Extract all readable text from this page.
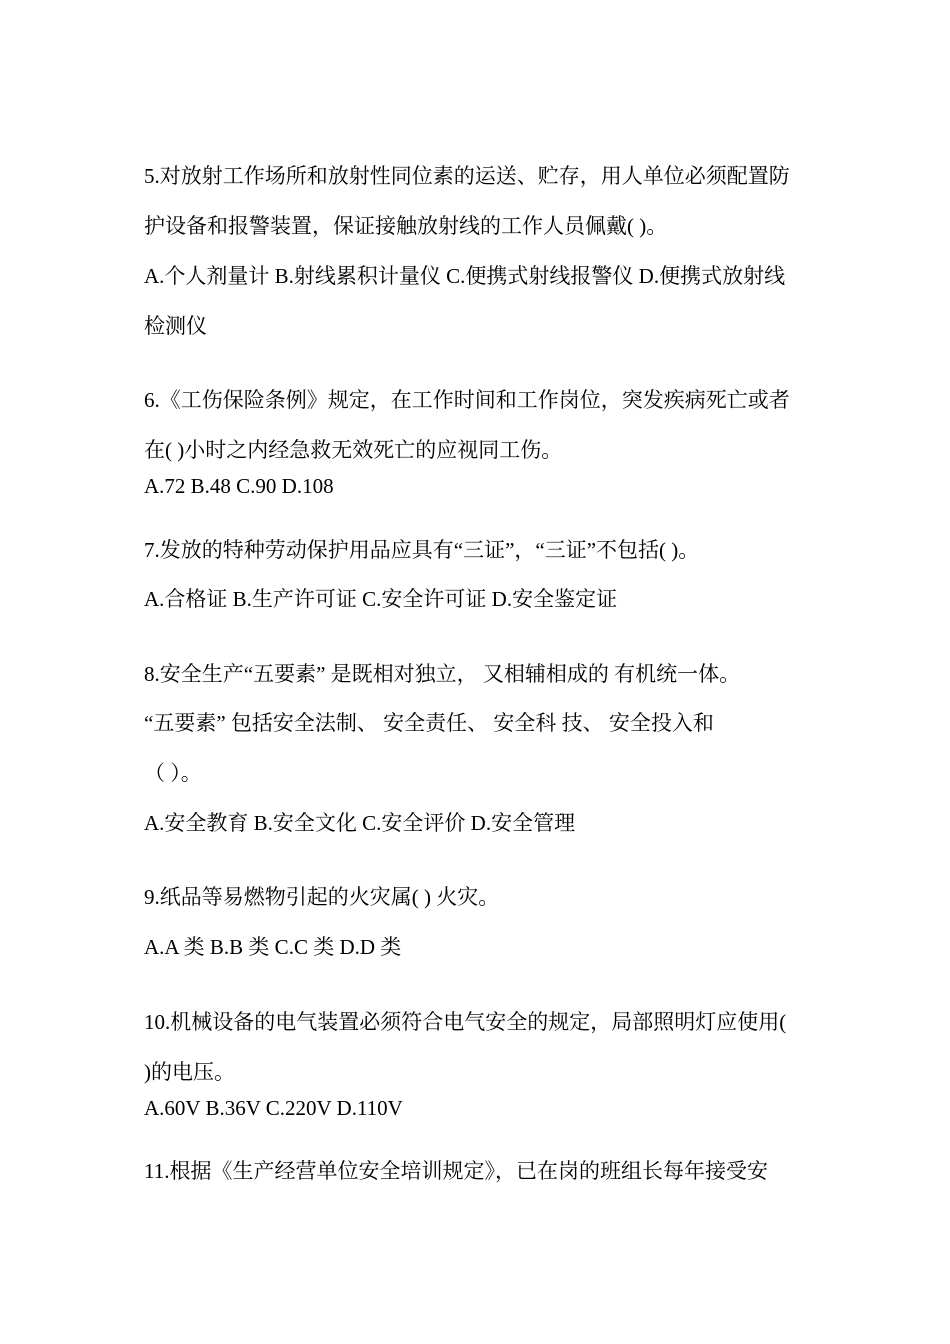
5.对放射工作场所和放射性同位素的运送、贮存，用人单位必须配置防
护设备和报警装置，保证接触放射线的工作人员佩戴( )。
A.个人剂量计 B.射线累积计量仪 C.便携式射线报警仪 D.便携式放射线
检测仪
6.《工伤保险条例》规定，在工作时间和工作岗位，突发疾病死亡或者
在( )小时之内经急救无效死亡的应视同工伤。
A.72 B.48 C.90 D.108
7.发放的特种劳动保护用品应具有“三证”，“三证”不包括( )。
A.合格证 B.生产许可证 C.安全许可证 D.安全鉴定证
8.安全生产“五要素” 是既相对独立， 又相辅相成的 有机统一体。
“五要素” 包括安全法制、 安全责任、 安全科 技、 安全投入和
（ ）。
A.安全教育 B.安全文化 C.安全评价 D.安全管理
9.纸品等易燃物引起的火灾属( ) 火灾。
A.A 类 B.B 类 C.C 类 D.D 类
10.机械设备的电气装置必须符合电气安全的规定，局部照明灯应使用(
)的电压。
A.60V B.36V C.220V D.110V
11.根据《生产经营单位安全培训规定》，已在岗的班组长每年接受安
